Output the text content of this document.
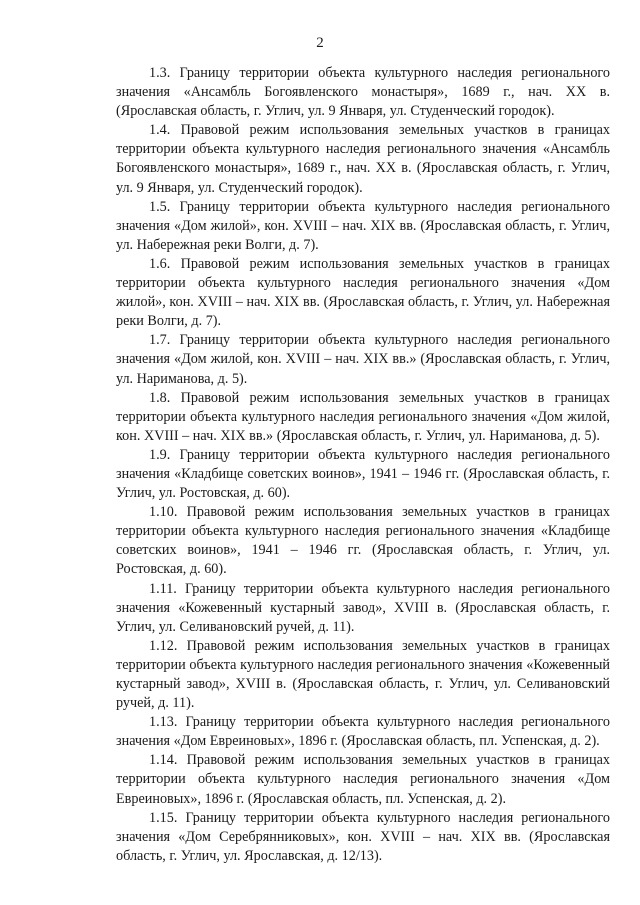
2

1.3. Границу территории объекта культурного наследия регионального значения «Ансамбль Богоявленского монастыря», 1689 г., нач. XX в. (Ярославская область, г. Углич, ул. 9 Января, ул. Студенческий городок).

1.4. Правовой режим использования земельных участков в границах территории объекта культурного наследия регионального значения «Ансамбль Богоявленского монастыря», 1689 г., нач. XX в. (Ярославская область, г. Углич, ул. 9 Января, ул. Студенческий городок).

1.5. Границу территории объекта культурного наследия регионального значения «Дом жилой», кон. XVIII – нач. XIX вв. (Ярославская область, г. Углич, ул. Набережная реки Волги, д. 7).

1.6. Правовой режим использования земельных участков в границах территории объекта культурного наследия регионального значения «Дом жилой», кон. XVIII – нач. XIX вв. (Ярославская область, г. Углич, ул. Набережная реки Волги, д. 7).

1.7. Границу территории объекта культурного наследия регионального значения «Дом жилой, кон. XVIII – нач. XIX вв.» (Ярославская область, г. Углич, ул. Нариманова, д. 5).

1.8. Правовой режим использования земельных участков в границах территории объекта культурного наследия регионального значения «Дом жилой, кон. XVIII – нач. XIX вв.» (Ярославская область, г. Углич, ул. Нариманова, д. 5).

1.9. Границу территории объекта культурного наследия регионального значения «Кладбище советских воинов», 1941 – 1946 гг. (Ярославская область, г. Углич, ул. Ростовская, д. 60).

1.10. Правовой режим использования земельных участков в границах территории объекта культурного наследия регионального значения «Кладбище советских воинов», 1941 – 1946 гг. (Ярославская область, г. Углич, ул. Ростовская, д. 60).

1.11. Границу территории объекта культурного наследия регионального значения «Кожевенный кустарный завод», XVIII в. (Ярославская область, г. Углич, ул. Селивановский ручей, д. 11).

1.12. Правовой режим использования земельных участков в границах территории объекта культурного наследия регионального значения «Кожевенный кустарный завод», XVIII в. (Ярославская область, г. Углич, ул. Селивановский ручей, д. 11).

1.13. Границу территории объекта культурного наследия регионального значения «Дом Евреиновых», 1896 г. (Ярославская область, пл. Успенская, д. 2).

1.14. Правовой режим использования земельных участков в границах территории объекта культурного наследия регионального значения «Дом Евреиновых», 1896 г. (Ярославская область, пл. Успенская, д. 2).

1.15. Границу территории объекта культурного наследия регионального значения «Дом Серебрянниковых», кон. XVIII – нач. XIX вв. (Ярославская область, г. Углич, ул. Ярославская, д. 12/13).
